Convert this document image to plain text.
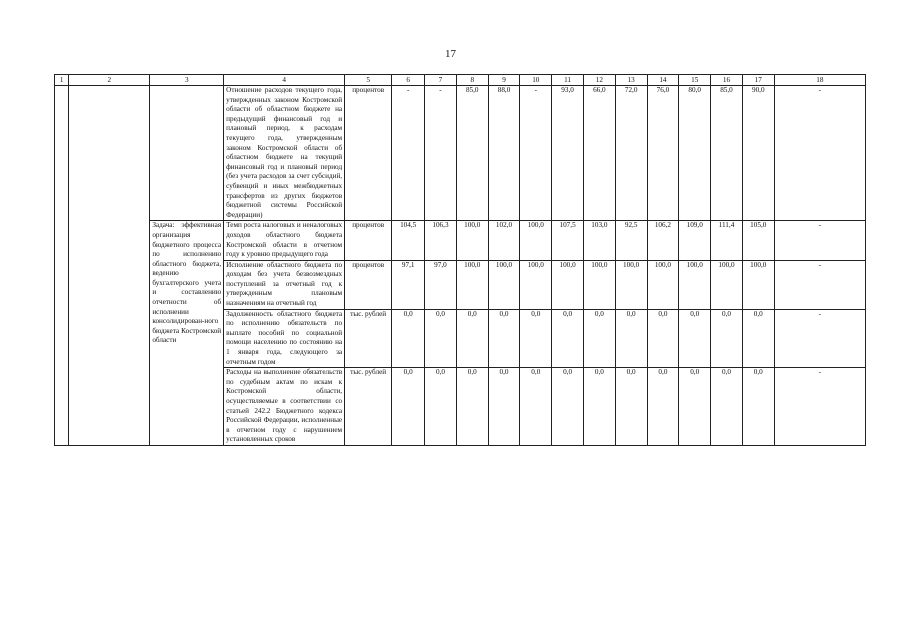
17
1	2	3	4	5	6	7	8	9	10	11	12	13	14	15	16	17	18
			Отношение расходов текущего года, утвержденных законом Костромской области об областном бюджете на предыдущий финансовый год и плановый период, к расходам текущего года, утвержденным законом Костромской области об областном бюджете на текущий финансовый год и плановый период (без учета расходов за счет субсидий, субвенций и иных межбюджетных трансфертов из других бюджетов бюджетной системы Российской Федерации)	процентов	-	-	85,0	88,0	-	93,0	66,0	72,0	76,0	80,0	85,0	90,0	-
		Задача: эффективная организация бюджетного процесса по исполнению областного бюджета, ведению бухгалтерского учета и составлению отчетности об исполнении консолидирован-ного бюджета Костромской области	Темп роста налоговых и неналоговых доходов областного бюджета Костромской области в отчетном году к уровню предыдущего года	процентов	104,5	106,3	100,0	102,0	100,0	107,5	103,0	92,5	106,2	109,0	111,4	105,0	-
			Исполнение областного бюджета по доходам без учета безвозмездных поступлений за отчетный год к утвержденным плановым назначениям на отчетный год	процентов	97,1	97,0	100,0	100,0	100,0	100,0	100,0	100,0	100,0	100,0	100,0	100,0	-
			Задолженность областного бюджета по исполнению обязательств по выплате пособий по социальной помощи населению по состоянию на 1 января года, следующего за отчетным годом	тыс. рублей	0,0	0,0	0,0	0,0	0,0	0,0	0,0	0,0	0,0	0,0	0,0	0,0	-
			Расходы на выполнение обязательств по судебным актам по искам к Костромской области, осуществляемые в соответствии со статьей 242.2 Бюджетного кодекса Российской Федерации, исполненные в отчетном году с нарушением установленных сроков	тыс. рублей	0,0	0,0	0,0	0,0	0,0	0,0	0,0	0,0	0,0	0,0	0,0	0,0	-
